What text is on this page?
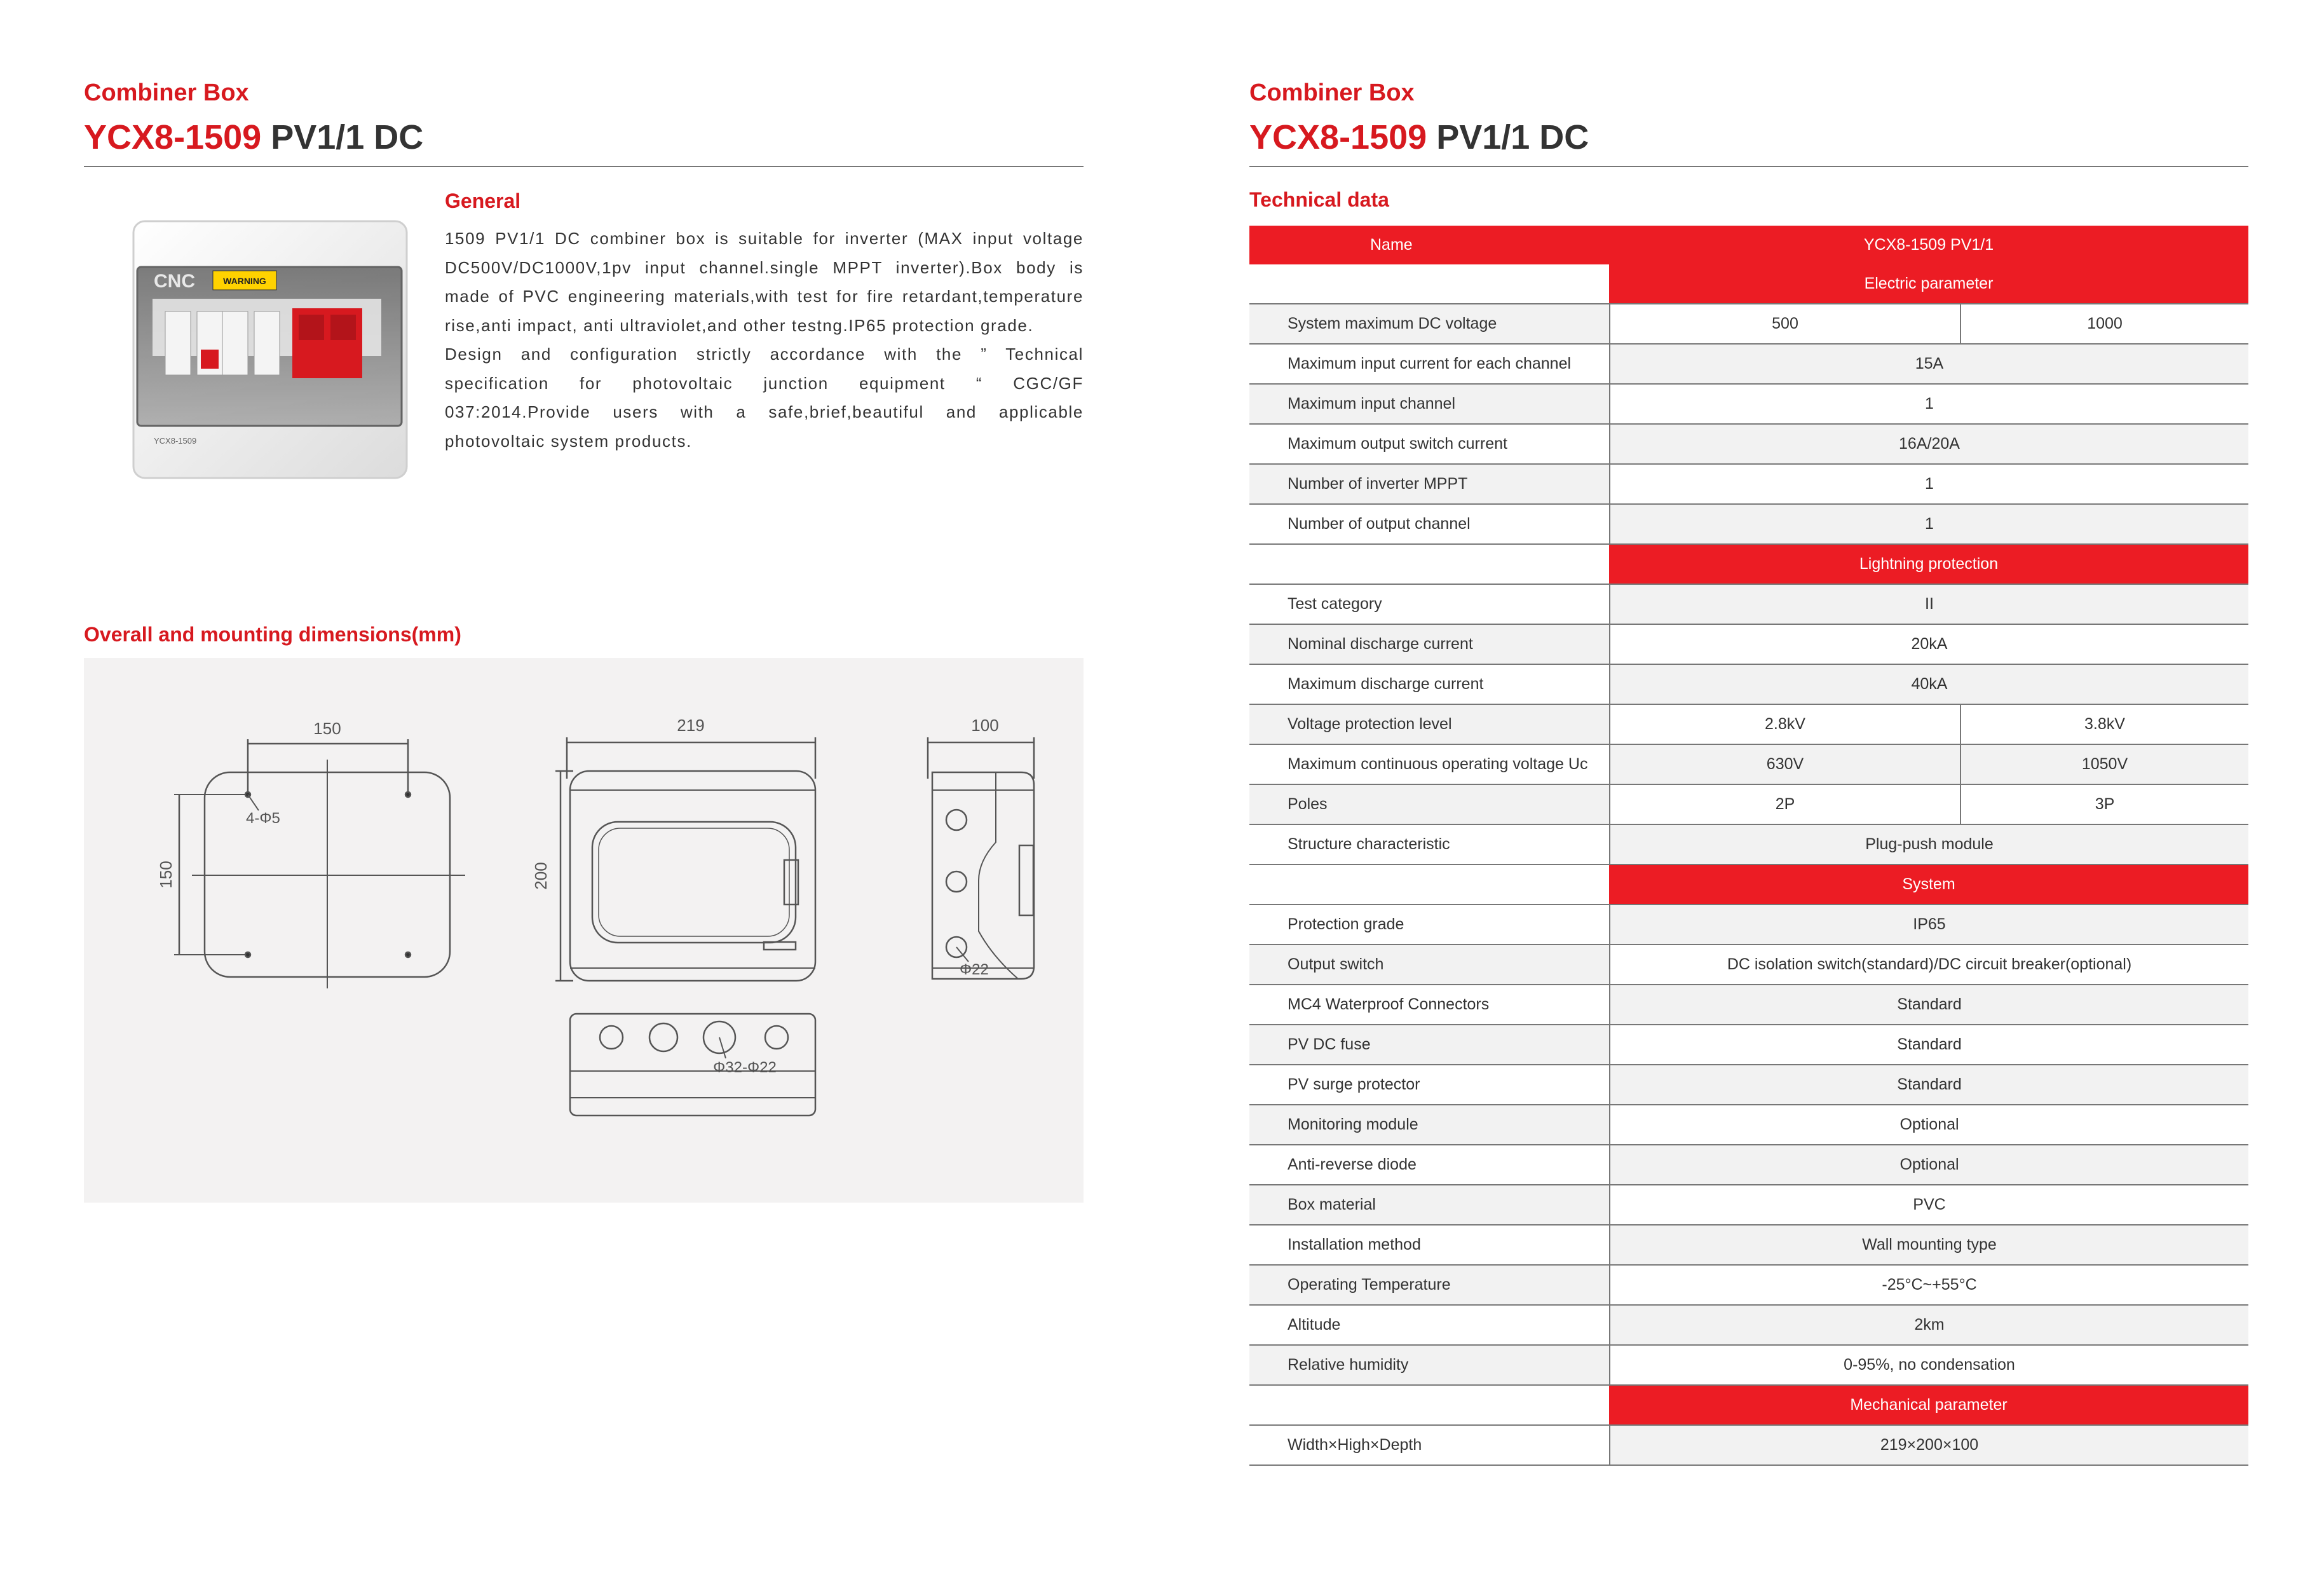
Combiner Box
YCX8-1509 PV1/1 DC
WARNING
CNC
YCX8-1509
General

1509 PV1/1 DC combiner box is suitable for inverter (MAX input voltage DC500V/DC1000V,1pv input channel.single MPPT inverter).Box body is made of PVC engineering materials,with test for fire retardant,temperature rise,anti impact, anti ultraviolet,and other testng.IP65 protection grade.

Design and configuration strictly accordance with the ” Technical specification for photovoltaic junction equipment “ CGC/GF 037:2014.Provide users with a safe,brief,beautiful and applicable photovoltaic system products.

Overall and mounting dimensions(mm)
150
150
4-Φ5
219
200
100
Φ22
Φ32-Φ22
Combiner Box
YCX8-1509 PV1/1 DC
Technical data
Name	YCX8-1509 PV1/1
Electric parameter
System maximum DC voltage	500	1000
Maximum input current for each channel	15A
Maximum input channel	1
Maximum output switch current	16A/20A
Number of inverter MPPT	1
Number of output channel	1
Lightning protection
Test category	II
Nominal discharge current	20kA
Maximum discharge current	40kA
Voltage protection level	2.8kV	3.8kV
Maximum continuous operating voltage Uc	630V	1050V
Poles	2P	3P
Structure characteristic	Plug-push module
System
Protection grade	IP65
Output switch	DC isolation switch(standard)/DC circuit breaker(optional)
MC4 Waterproof Connectors	Standard
PV DC fuse	Standard
PV surge protector	Standard
Monitoring module	Optional
Anti-reverse diode	Optional
Box material	PVC
Installation method	Wall mounting type
Operating Temperature	-25°C~+55°C
Altitude	2km
Relative humidity	0-95%, no condensation
Mechanical parameter
Width×High×Depth	219×200×100
